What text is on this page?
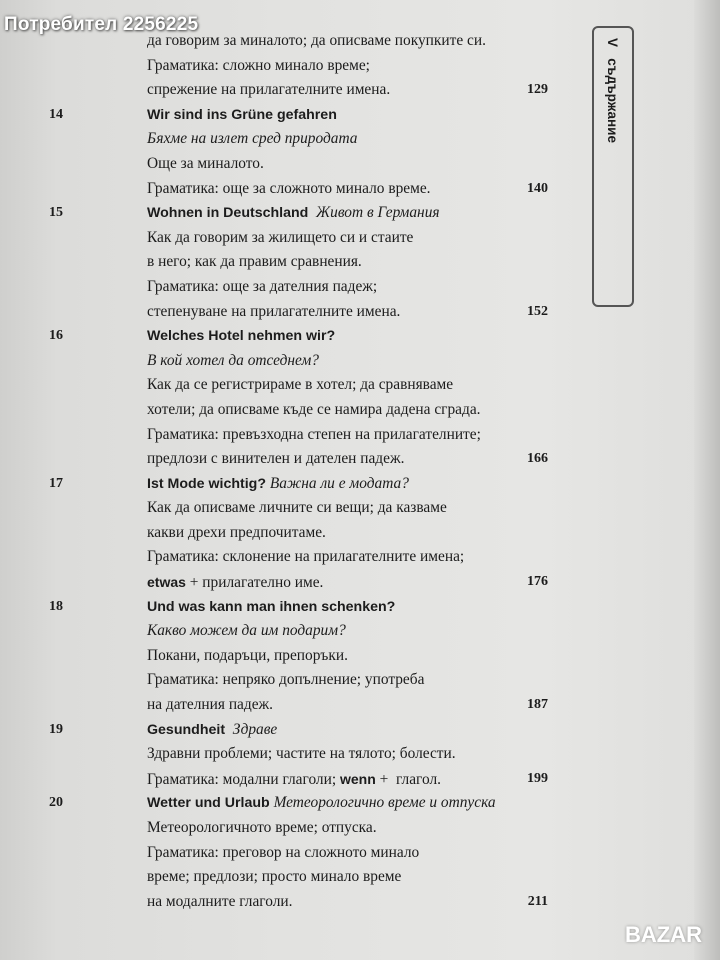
Потребител 2256225
V   съдържание
да говорим за миналото; да описваме покупките си.
Граматика: сложно минало време;
спрежение на прилагателните имена.	129
14	Wir sind ins Grüne gefahren
Бяхме на излет сред природата
Още за миналото.
Граматика: още за сложното минало време.	140
15	Wohnen in Deutschland Живот в Германия
Как да говорим за жилището си и стаите
в него; как да правим сравнения.
Граматика: още за дателния падеж;
степенуване на прилагателните имена.	152
16	Welches Hotel nehmen wir?
В кой хотел да отседнем?
Как да се регистрираме в хотел; да сравняваме
хотели; да описваме къде се намира дадена сграда.
Граматика: превъзходна степен на прилагателните;
предлози с винителен и дателен падеж.	166
17	Ist Mode wichtig? Важна ли е модата?
Как да описваме личните си вещи; да казваме
какви дрехи предпочитаме.
Граматика: склонение на прилагателните имена;
etwas + прилагателно име.	176
18	Und was kann man ihnen schenken?
Какво можем да им подарим?
Покани, подаръци, препоръки.
Граматика: непряко допълнение; употреба
на дателния падеж.	187
19	Gesundheit Здраве
Здравни проблеми; частите на тялото; болести.
Граматика: модални глаголи; wenn +  глагол.	199
20	Wetter und Urlaub Метеорологично време и отпуска
Метеорологичното време; отпуска.
Граматика: преговор на сложното минало
време; предлози; просто минало време
на модалните глаголи.	211
BAZAR
